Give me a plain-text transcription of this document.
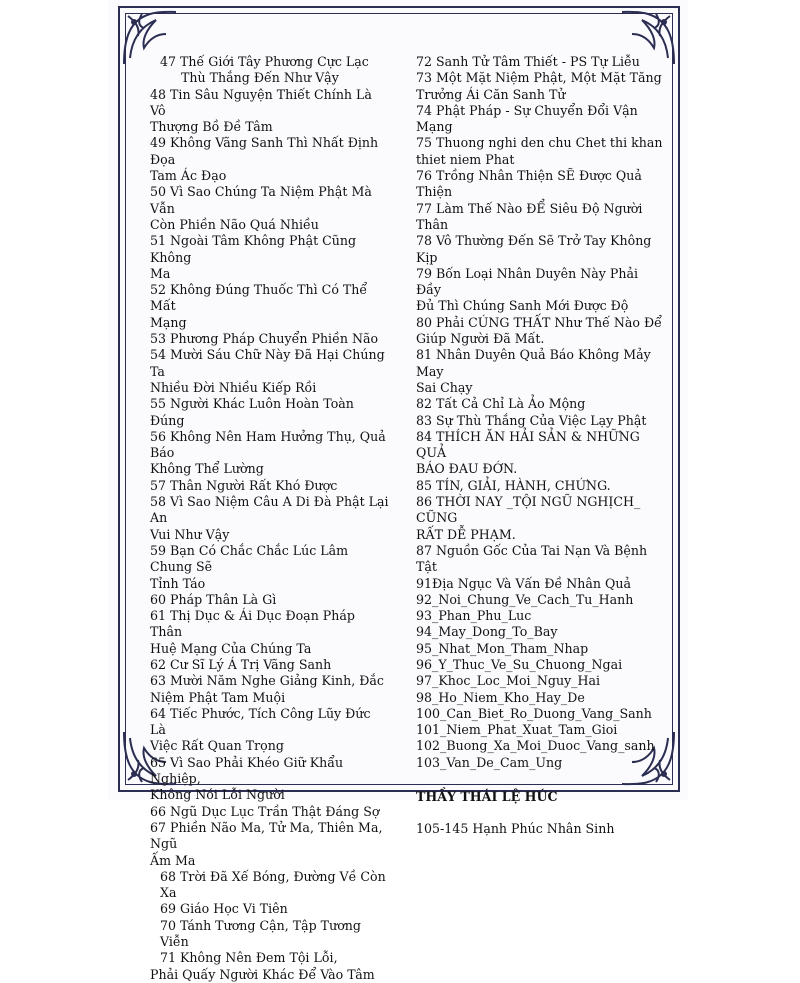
47 Thế Giới Tây Phương Cực Lạc
Thù Thắng Đến Như Vậy
48 Tin Sâu Nguyện Thiết Chính Là Vô
Thượng Bồ Đề Tâm
49 Không Vãng Sanh Thì Nhất Định Đọa
Tam Ác Đạo
50 Vì Sao Chúng Ta Niệm Phật Mà Vẫn
Còn Phiền Não Quá Nhiều
51 Ngoài Tâm Không Phật Cũng Không
Ma
52 Không Đúng Thuốc Thì Có Thể Mất
Mạng
53 Phương Pháp Chuyển Phiền Não
54 Mười Sáu Chữ Này Đã Hại Chúng Ta
Nhiều Đời Nhiều Kiếp Rồi
55 Người Khác Luôn Hoàn Toàn Đúng
56 Không Nên Ham Hưởng Thụ, Quả Báo
Không Thể Lường
57 Thân Người Rất Khó Được
58 Vì Sao Niệm Câu A Di Đà Phật Lại An
Vui Như Vậy
59 Bạn Có Chắc Chắc Lúc Lâm Chung Sẽ
Tỉnh Táo
60 Pháp Thân Là Gì
61 Thị Dục & Ái Dục Đoạn Pháp Thân
Huệ Mạng Của Chúng Ta
62 Cư Sĩ Lý Á Trị Vãng Sanh
63 Mười Năm Nghe Giảng Kinh, Đắc
Niệm Phật Tam Muội
64 Tiếc Phước, Tích Công Lũy Đức Là
Việc Rất Quan Trọng
65 Vì Sao Phải Khéo Giữ Khẩu Nghiệp,
Không Nói Lỗi Người
66 Ngũ Dục Lục Trần Thật Đáng Sợ
67 Phiền Não Ma, Tử Ma, Thiên Ma, Ngũ
Ấm Ma
68 Trời Đã Xế Bóng, Đường Về Còn Xa
69 Giáo Học Vi Tiên
70 Tánh Tương Cận, Tập Tương Viễn
71 Không Nên Đem Tội Lỗi,
Phải Quấy Người Khác Để Vào Tâm
72 Sanh Tử Tâm Thiết - PS Tự Liễu
73 Một Mặt Niệm Phật, Một Mặt Tăng
Trưởng Ái Căn Sanh Tử
74 Phật Pháp - Sự Chuyển Đổi Vận Mạng
75 Thuong nghi den chu Chet thi khan
thiet niem Phat
76 Trồng Nhân Thiện SẼ Được Quả
Thiện
77 Làm Thế Nào ĐỂ Siêu Độ Người Thân
78 Vô Thường Đến Sẽ Trở Tay Không
Kịp
79 Bốn Loại Nhân Duyên Này Phải Đầy
Đủ Thì Chúng Sanh Mới Được Độ
80 Phải CÚNG THẤT Như Thế Nào Để
Giúp Người Đã Mất.
81 Nhân Duyên Quả Báo Không Mảy May
Sai Chạy
82 Tất Cả Chỉ Là Ảo Mộng
83 Sự Thù Thắng Của Việc Lạy Phật
84 THÍCH ĂN HẢI SẢN & NHỮNG QUẢ
BÁO ĐAU ĐỚN.
85 TÍN, GIẢI, HÀNH, CHỨNG.
86 THỜI NAY _TỘI NGŨ NGHỊCH_ CŨNG
RẤT DỄ PHẠM.
87 Nguồn Gốc Của Tai Nạn Và Bệnh Tật
91Địa Ngục Và Vấn Đề Nhân Quả
92_Noi_Chung_Ve_Cach_Tu_Hanh
93_Phan_Phu_Luc
94_May_Dong_To_Bay
95_Nhat_Mon_Tham_Nhap
96_Y_Thuc_Ve_Su_Chuong_Ngai
97_Khoc_Loc_Moi_Nguy_Hai
98_Ho_Niem_Kho_Hay_De
100_Can_Biet_Ro_Duong_Vang_Sanh
101_Niem_Phat_Xuat_Tam_Gioi
102_Buong_Xa_Moi_Duoc_Vang_sanh
103_Van_De_Cam_Ung
THẦY THÁI LỆ HÚC
105-145 Hạnh Phúc Nhân Sinh
